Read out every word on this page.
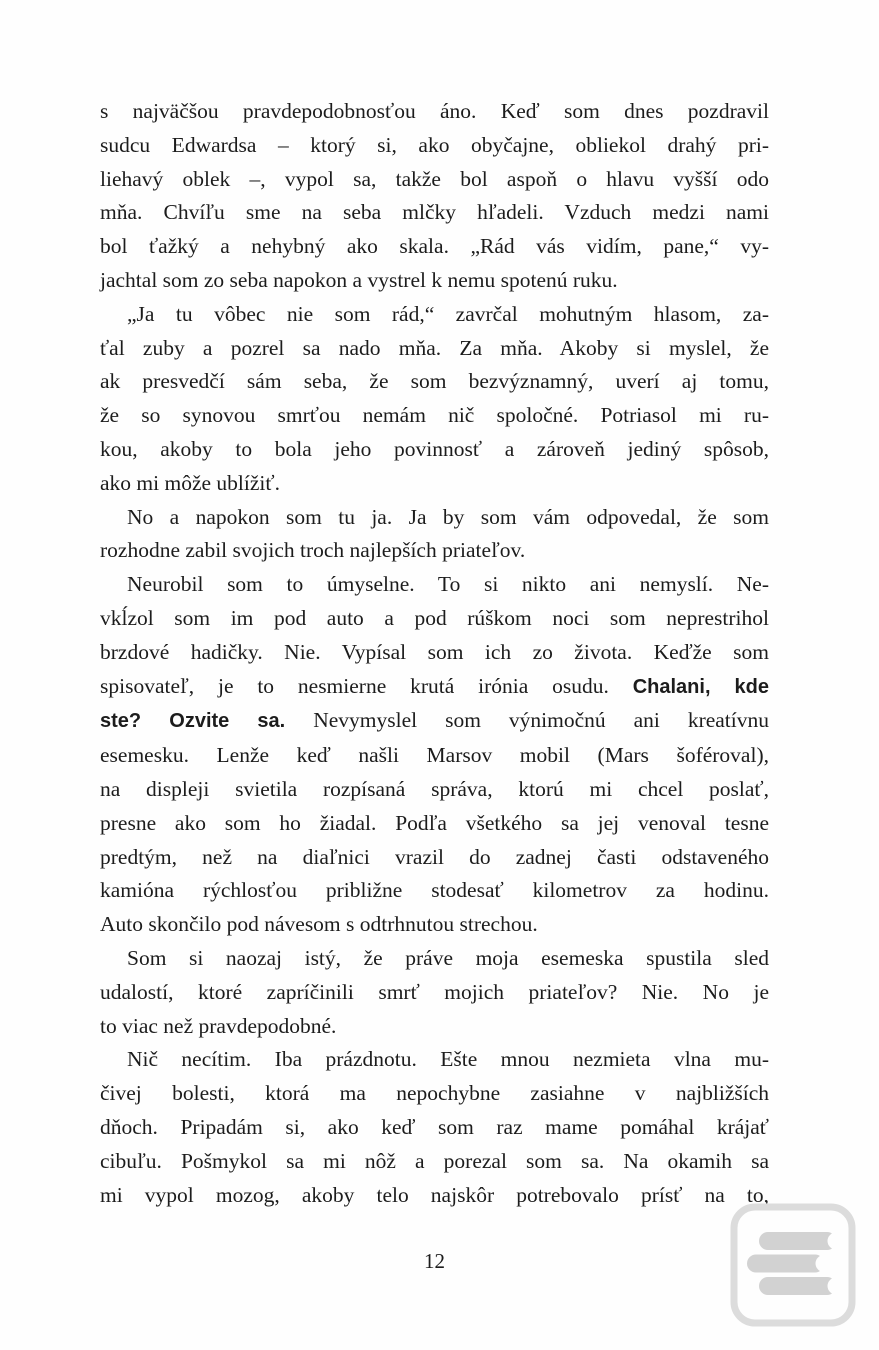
s najväčšou pravdepodobnosťou áno. Keď som dnes pozdravil
sudcu Edwardsa – ktorý si, ako obyčajne, obliekol drahý pri-
liehavý oblek –, vypol sa, takže bol aspoň o hlavu vyšší odo
mňa. Chvíľu sme na seba mlčky hľadeli. Vzduch medzi nami
bol ťažký a nehybný ako skala. „Rád vás vidím, pane,“ vy-
jachtal som zo seba napokon a vystrel k nemu spotenú ruku.
„Ja tu vôbec nie som rád,“ zavrčal mohutným hlasom, za-
ťal zuby a pozrel sa nado mňa. Za mňa. Akoby si myslel, že
ak presvedčí sám seba, že som bezvýznamný, uverí aj tomu,
že so synovou smrťou nemám nič spoločné. Potriasol mi ru-
kou, akoby to bola jeho povinnosť a zároveň jediný spôsob,
ako mi môže ublížiť.
No a napokon som tu ja. Ja by som vám odpovedal, že som
rozhodne zabil svojich troch najlepších priateľov.
Neurobil som to úmyselne. To si nikto ani nemyslí. Ne-
vkĺzol som im pod auto a pod rúškom noci som neprestrihol
brzdové hadičky. Nie. Vypísal som ich zo života. Keďže som
spisovateľ, je to nesmierne krutá irónia osudu. Chalani, kde
ste? Ozvite sa. Nevymyslel som výnimočnú ani kreatívnu
esemesku. Lenže keď našli Marsov mobil (Mars šoféroval),
na displeji svietila rozpísaná správa, ktorú mi chcel poslať,
presne ako som ho žiadal. Podľa všetkého sa jej venoval tesne
predtým, než na diaľnici vrazil do zadnej časti odstaveného
kamióna rýchlosťou približne stodesať kilometrov za hodinu.
Auto skončilo pod návesom s odtrhnutou strechou.
Som si naozaj istý, že práve moja esemeska spustila sled
udalostí, ktoré zapríčinili smrť mojich priateľov? Nie. No je
to viac než pravdepodobné.
Nič necítim. Iba prázdnotu. Ešte mnou nezmieta vlna mu-
čivej bolesti, ktorá ma nepochybne zasiahne v najbližších
dňoch. Pripadám si, ako keď som raz mame pomáhal krájať
cibuľu. Pošmykol sa mi nôž a porezal som sa. Na okamih sa
mi vypol mozog, akoby telo najskôr potrebovalo prísť na to,
12
